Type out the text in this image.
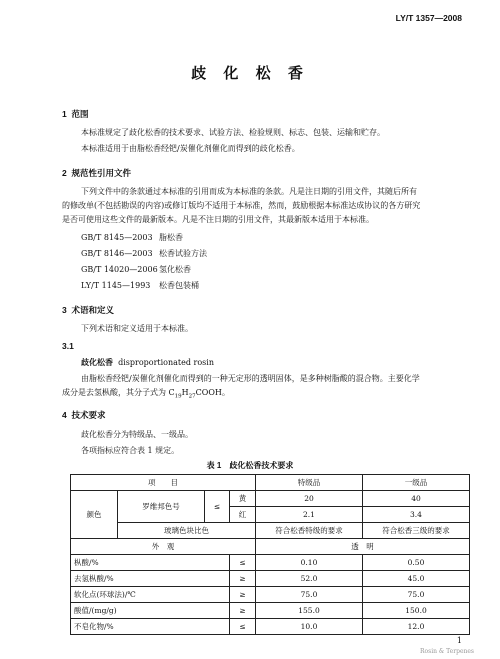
LY/T 1357—2008
歧 化 松 香
1 范围
本标准规定了歧化松香的技术要求、试验方法、检验规则、标志、包装、运输和贮存。
本标准适用于由脂松香经钯/炭催化剂催化而得到的歧化松香。
2 规范性引用文件
下列文件中的条款通过本标准的引用而成为本标准的条款。凡是注日期的引用文件，其随后所有
的修改单(不包括勘误的内容)或修订版均不适用于本标准，然而，鼓励根据本标准达成协议的各方研究
是否可使用这些文件的最新版本。凡是不注日期的引用文件，其最新版本适用于本标准。
GB/T 8145—2003 脂松香
GB/T 8146—2003 松香试验方法
GB/T 14020—2006氢化松香
LY/T 1145—1993 松香包装桶
3 术语和定义
下列术语和定义适用于本标准。
3.1
歧化松香 disproportionated rosin
由脂松香经钯/炭催化剂催化而得到的一种无定形的透明固体，是多种树脂酸的混合物。主要化学
成分是去氢枞酸，其分子式为 $C_{19}H_{27}COOH$。
4 技术要求
歧化松香分为特级品、一级品。
各项指标应符合表 1 规定。
表 1　歧化松香技术要求
项　　目				特级品	一级品
颜色	罗维邦色号	≤	黄	20	40
			红	2.1	3.4
	玻璃色块比色			符合松香特级的要求	符合松香三级的要求
外　观				透　明	
枞酸/%			≤	0.10	0.50
去氢枞酸/%			≥	52.0	45.0
软化点(环球法)/℃			≥	75.0	75.0
酸值/(mg/g)			≥	155.0	150.0
不皂化物/%			≤	10.0	12.0
1
Rosin & Terpenes
